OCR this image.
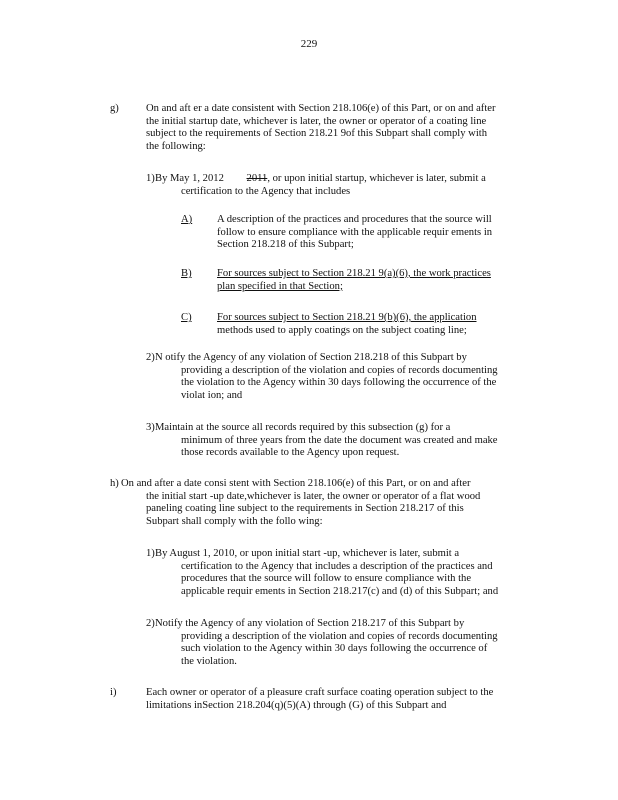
229
g)	On and aft er a date consistent with Section 218.106(e) of this Part, or on and after
the initial startup date, whichever is later, the owner or operator of a coating line
subject to the requirements of Section 218.21 9of this Subpart shall comply with
the following:
1) By May 1, 2012 2011, or upon initial startup, whichever is later, submit a
certification to the Agency that includes
A) A description of the practices and procedures that the source will
follow to ensure compliance with the applicable requir ements in
Section 218.218 of this Subpart;
B) For sources subject to Section 218.21 9(a)(6), the work practices
plan specified in that Section;
C) For sources subject to Section 218.21 9(b)(6), the application
methods used to apply coatings on the subject coating line;
2) N otify the Agency of any violation of Section 218.218 of this Subpart by
providing a description of the violation and copies of records documenting
the violation to the Agency within 30 days following the occurrence of the
violat ion; and
3) Maintain at the source all records required by this subsection (g) for a
minimum of three years from the date the document was created and make
those records available to the Agency upon request.
h) On and after a date consi stent with Section 218.106(e) of this Part, or on and after
the initial start -up date,whichever is later, the owner or operator of a flat wood
paneling coating line subject to the requirements in Section 218.217 of this
Subpart shall comply with the follo wing:
1) By August 1, 2010, or upon initial start -up, whichever is later, submit a
certification to the Agency that includes a description of the practices and
procedures that the source will follow to ensure compliance with the
applicable requir ements in Section 218.217(c) and (d) of this Subpart; and
2) Notify the Agency of any violation of Section 218.217 of this Subpart by
providing a description of the violation and copies of records documenting
such violation to the Agency within 30 days following the occurrence of
the violation.
i)	Each owner or operator of a pleasure craft surface coating operation subject to the
limitations inSection 218.204(q)(5)(A) through (G) of this Subpart and
